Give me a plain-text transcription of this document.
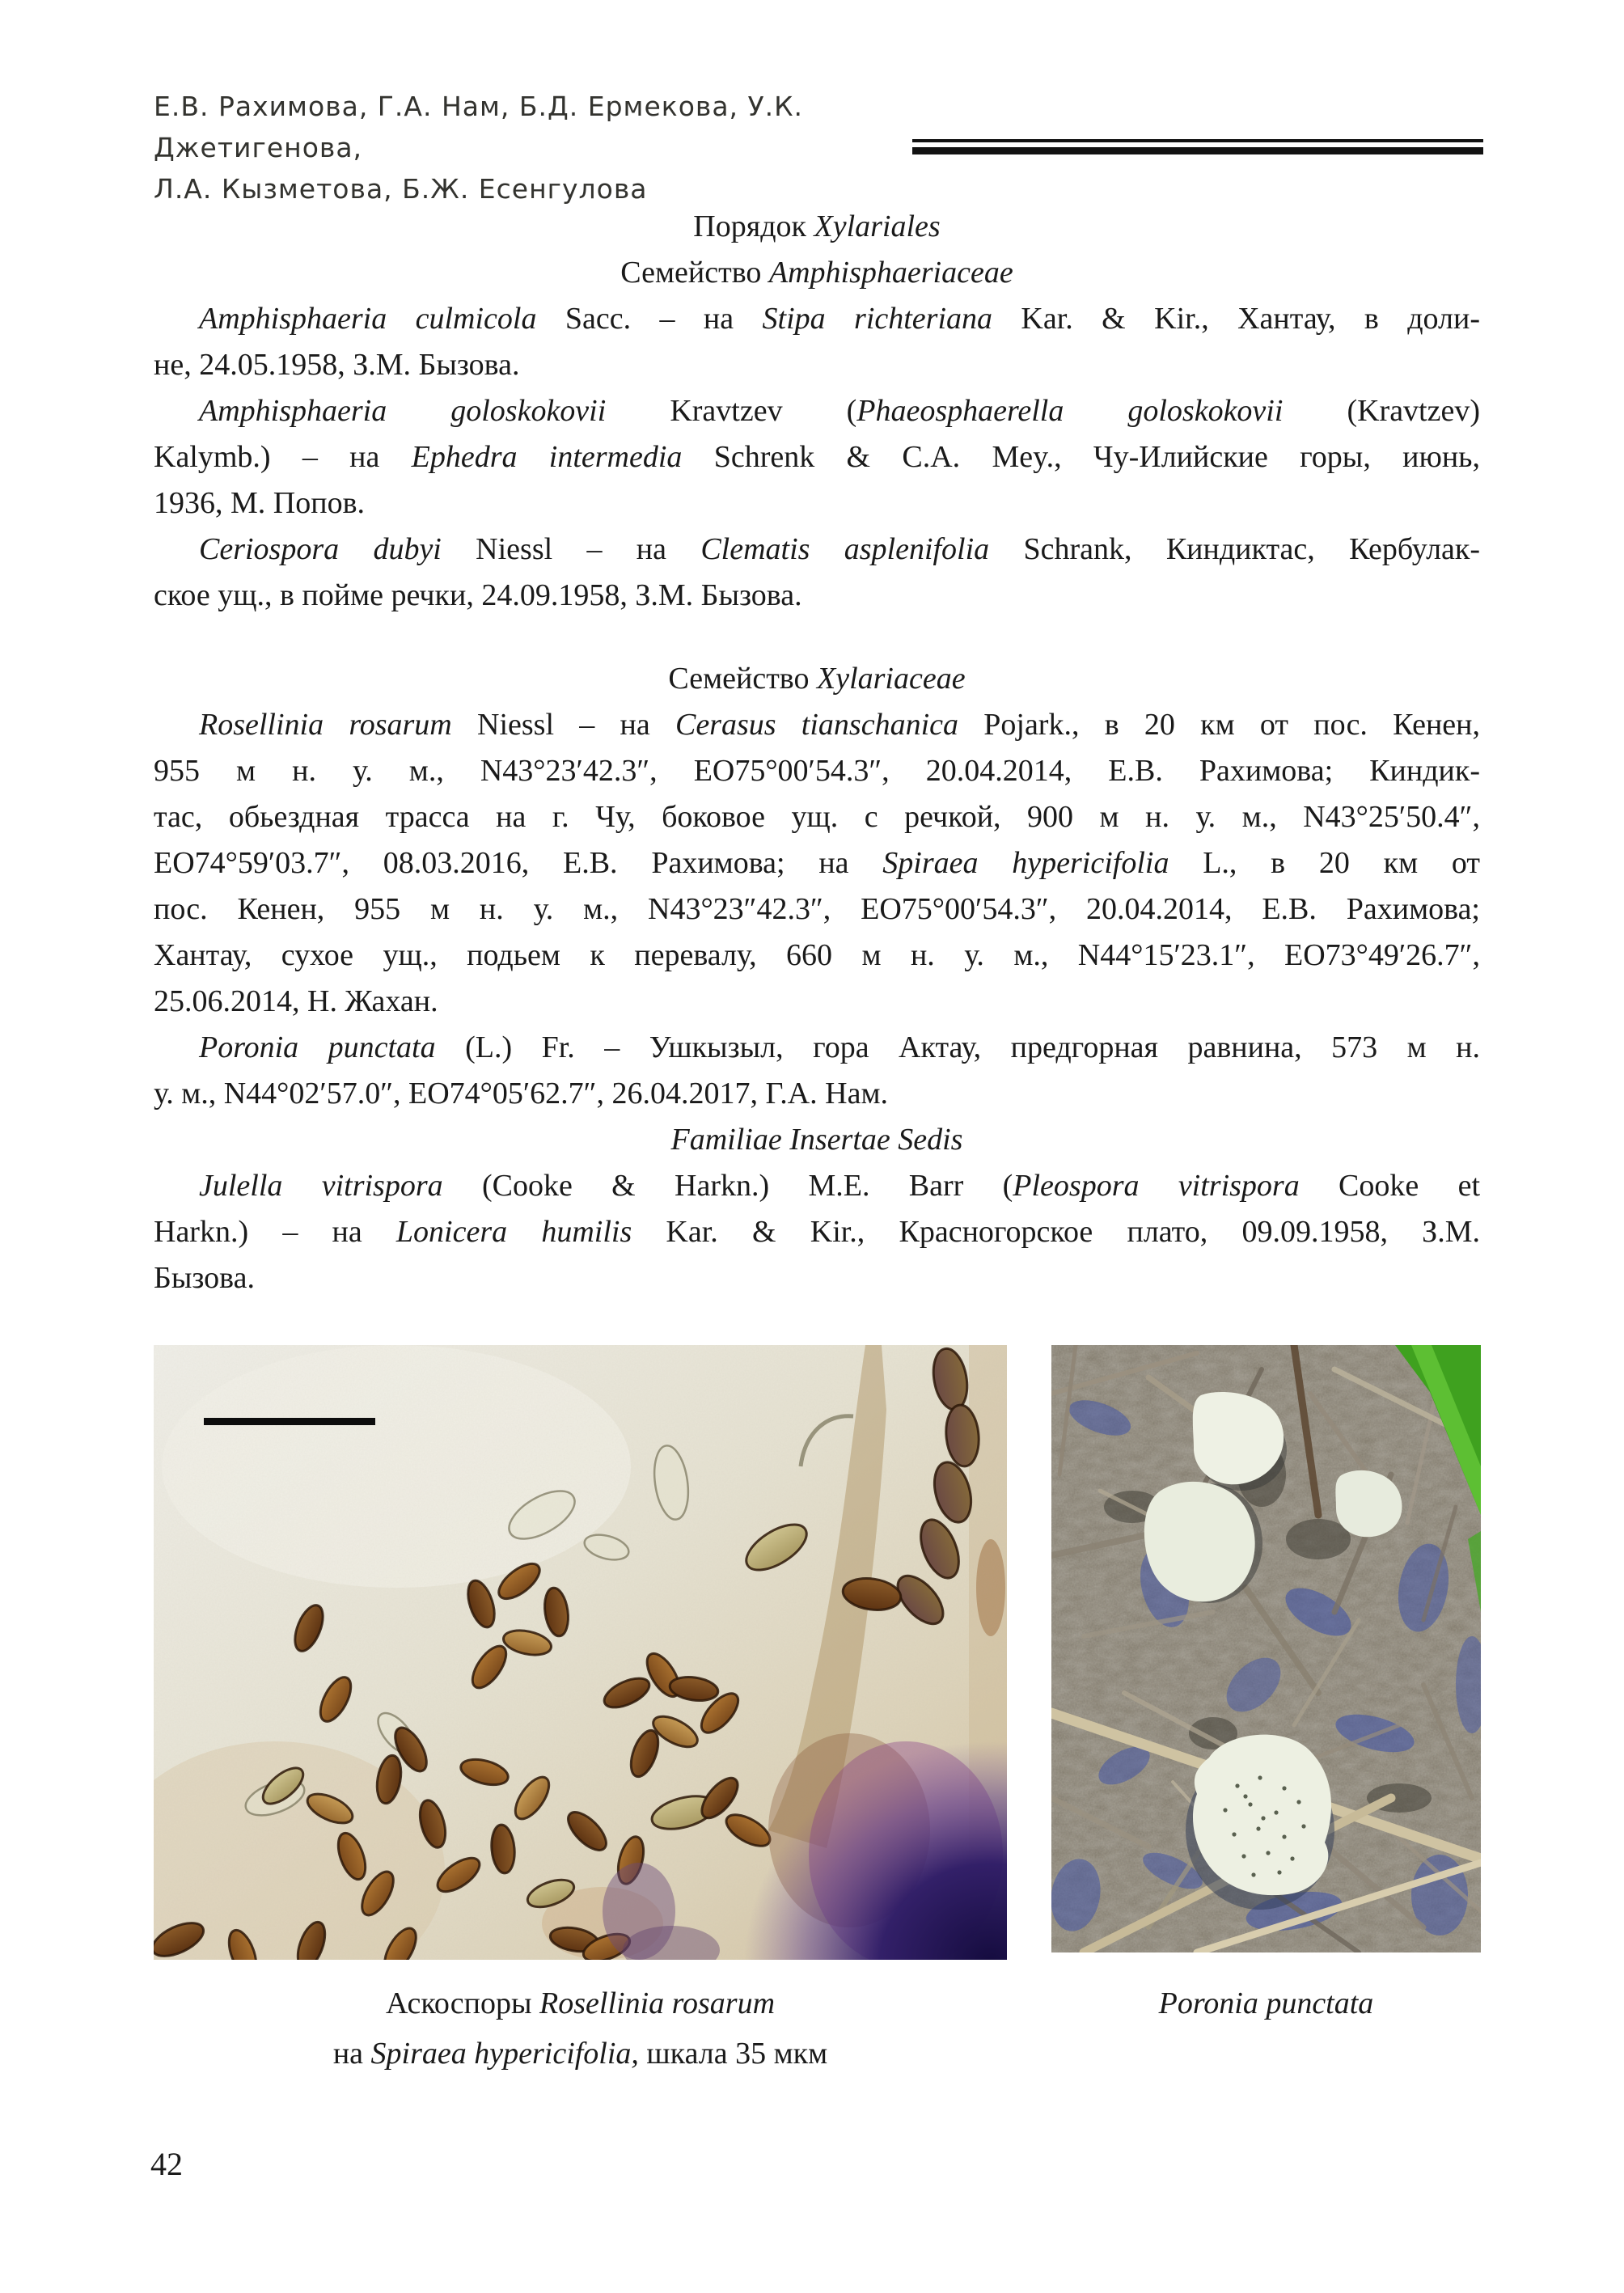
Е.В. Рахимова, Г.А. Нам, Б.Д. Ермекова, У.К. Джетигенова,
Л.А. Кызметова, Б.Ж. Есенгулова
Порядок Xylariales
Семейство Amphisphaeriaceae
Amphisphaeria culmicola Sacc. – на Stipa richteriana Kar. & Kir., Хантау, в доли-
не, 24.05.1958, З.М. Бызова.
Amphisphaeria goloskokovii Kravtzev (Phaeosphaerella goloskokovii (Kravtzev)
Kalymb.) – на Ephedra intermedia Schrenk & C.A. Mey., Чу-Илийские горы, июнь,
1936, М. Попов.
Ceriospora dubyi Niessl – на Clematis asplenifolia Schrank, Киндиктас, Кербулак-
ское ущ., в пойме речки, 24.09.1958, З.М. Бызова.
Семейство Xylariaceae
Rosellinia rosarum Niessl – на Cerasus tianschanica Pojark., в 20 км от пос. Кенен,
955 м н. у. м., N43°23′42.3″, EO75°00′54.3″, 20.04.2014, Е.В. Рахимова; Киндик-
тас, обьездная трасса на г. Чу, боковое ущ. с речкой, 900 м н. у. м., N43°25′50.4″,
EO74°59′03.7″, 08.03.2016, Е.В. Рахимова; на Spiraea hypericifolia L., в 20 км от
пос. Кенен, 955 м н. у. м., N43°23″42.3″, EO75°00′54.3″, 20.04.2014, Е.В. Рахимова;
Хантау, сухое ущ., подьем к перевалу, 660 м н. у. м., N44°15′23.1″, EO73°49′26.7″,
25.06.2014, Н. Жахан.
Poronia punctata (L.) Fr. – Ушкызыл, гора Актау, предгорная равнина, 573 м н.
у. м., N44°02′57.0″, EO74°05′62.7″, 26.04.2017, Г.А. Нам.
Familiae Insertae Sedis
Julella vitrispora (Cooke & Harkn.) M.E. Barr (Pleospora vitrispora Cooke et
Harkn.) – на Lonicera humilis Kar. & Kir., Красногорское плато, 09.09.1958, З.М.
Бызова.
Аскоспоры Rosellinia rosarum
на Spiraea hypericifolia, шкала 35 мкм
Poronia punctata
42
